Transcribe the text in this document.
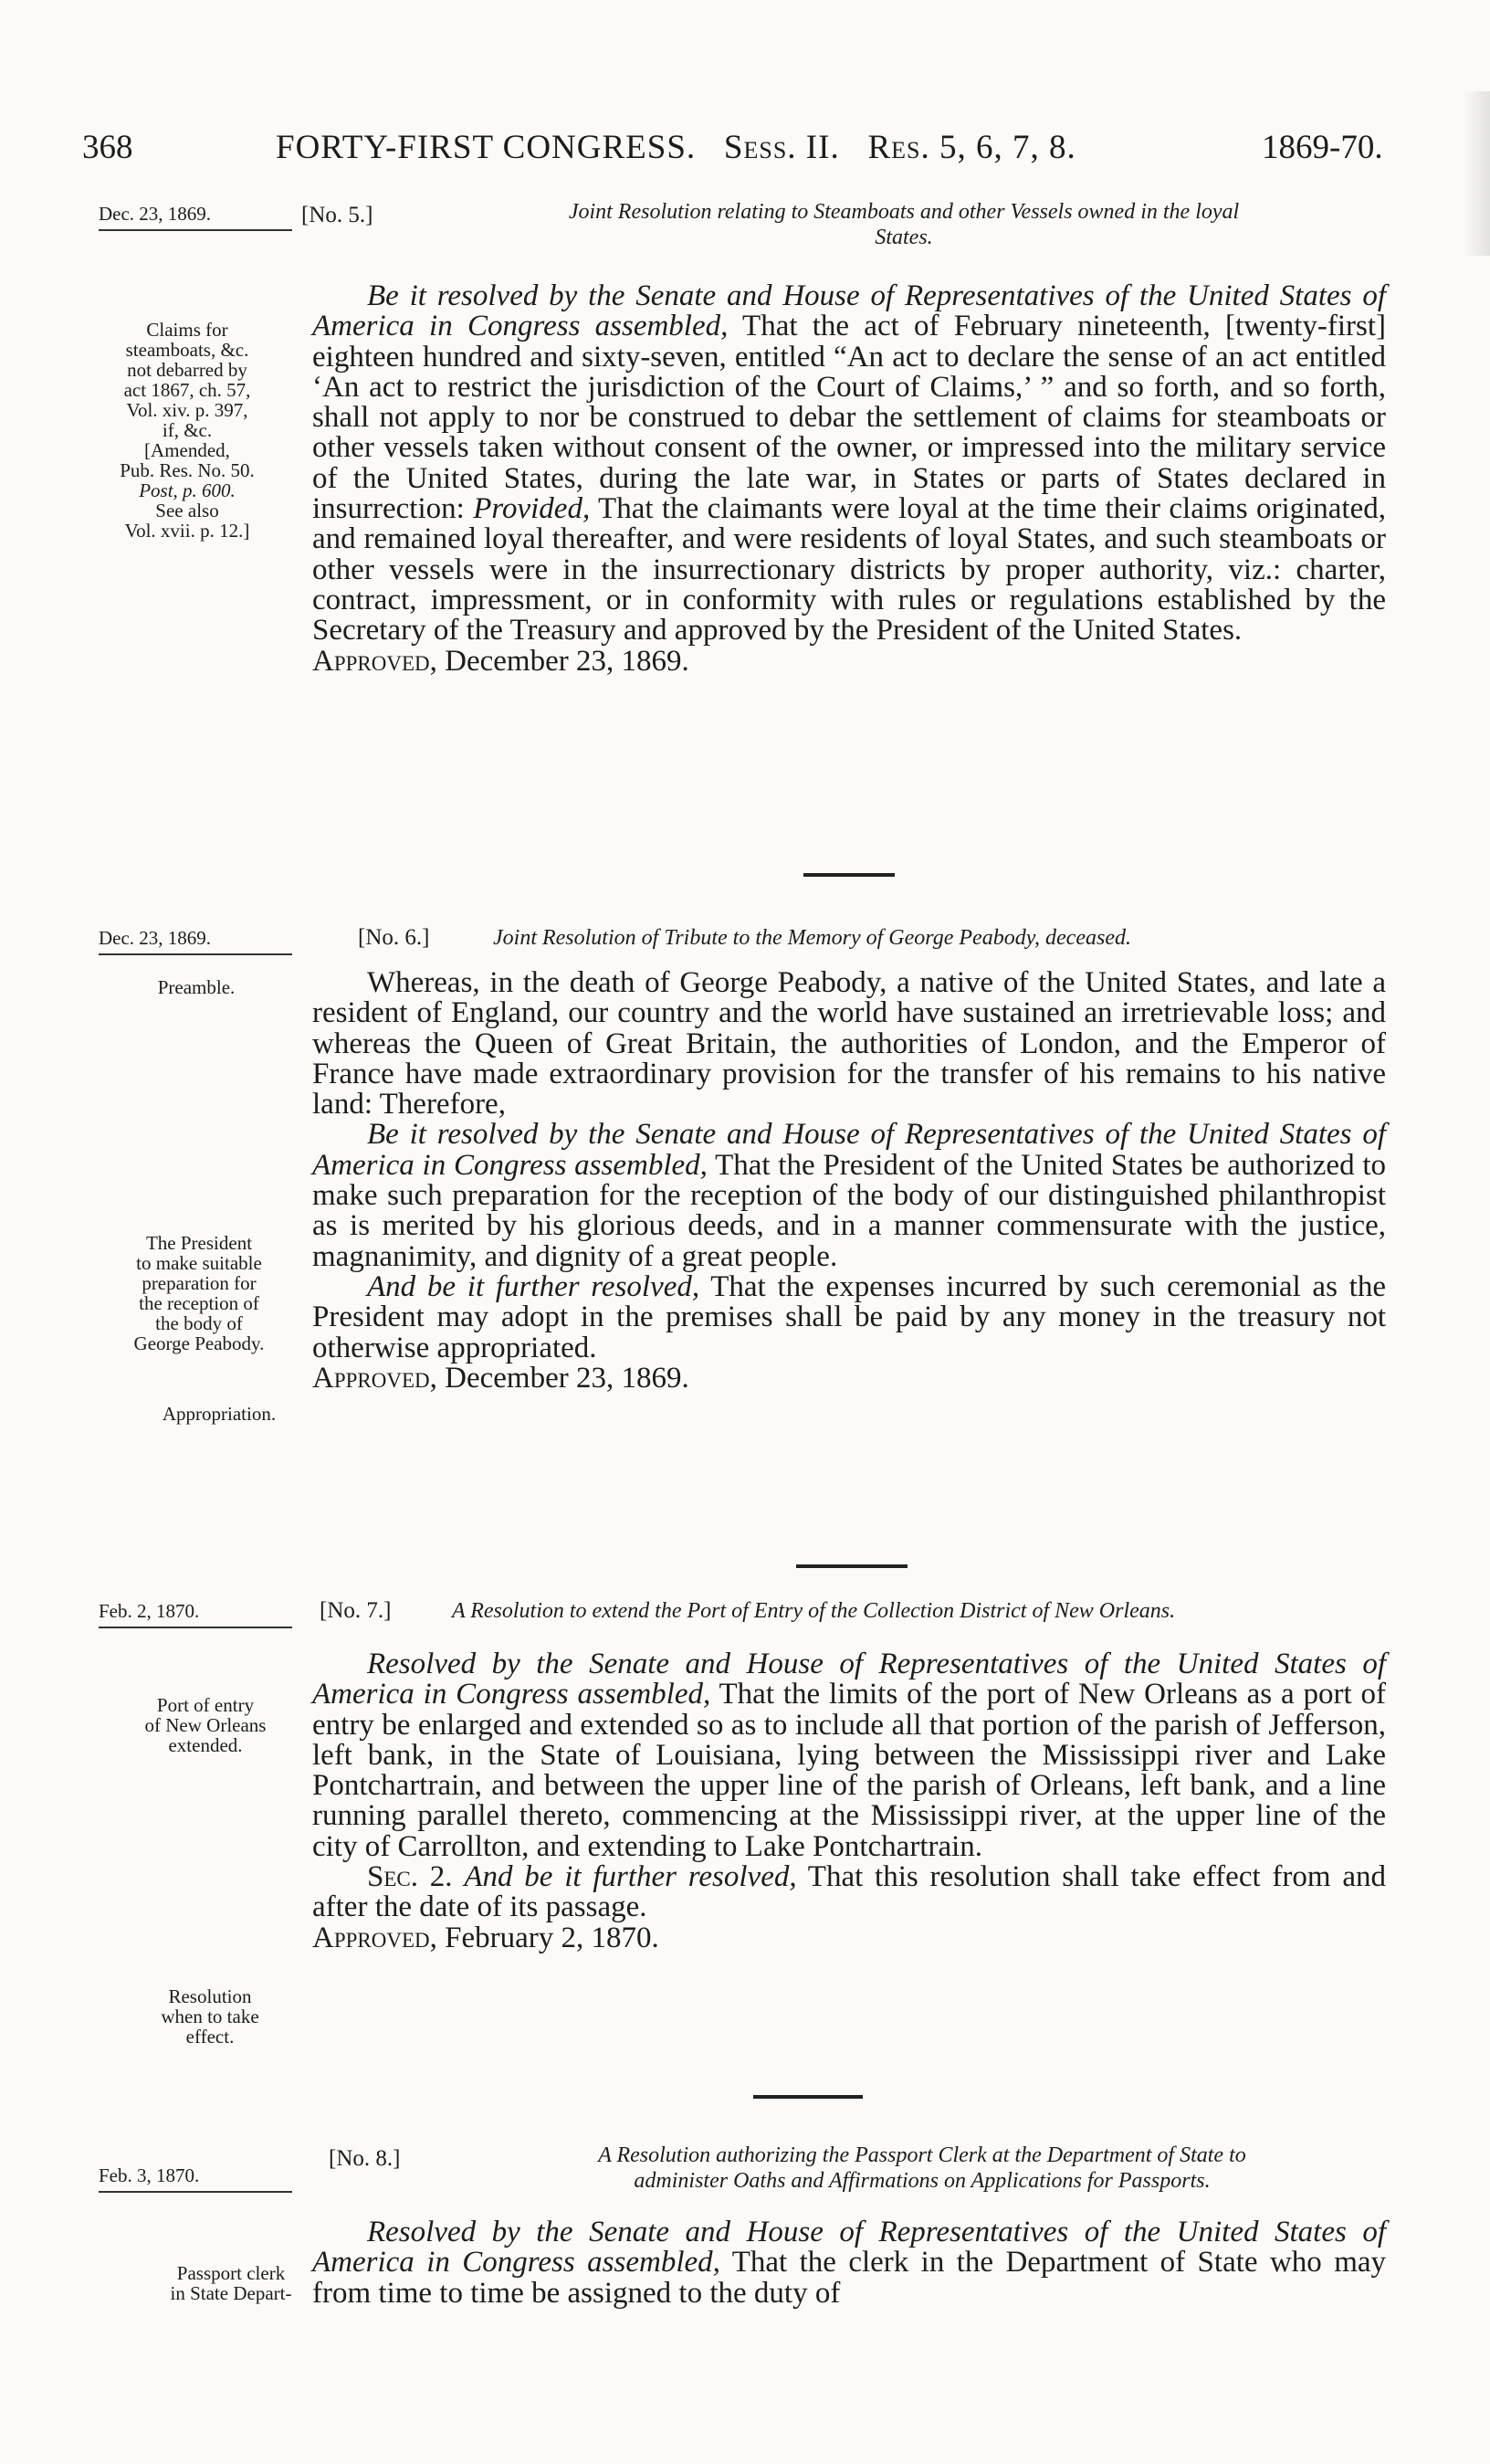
368	FORTY-FIRST CONGRESS. Sess. II. Res. 5, 6, 7, 8.	1869-70.
Dec. 23, 1869.	[No. 5.]	Joint Resolution relating to Steamboats and other Vessels owned in the loyal
States.
Claims for
steamboats, &c.
not debarred by
act 1867, ch. 57,
Vol. xiv. p. 397,
if, &c.
[Amended,
Pub. Res. No. 50.
Post, p. 600.
See also
Vol. xvii. p. 12.]

Be it resolved by the Senate and House of Representatives of the United States of America in Congress assembled, That the act of February nineteenth, [twenty-first] eighteen hundred and sixty-seven, entitled “An act to declare the sense of an act entitled ‘An act to restrict the jurisdiction of the Court of Claims,’ ” and so forth, and so forth, shall not apply to nor be construed to debar the settlement of claims for steamboats or other vessels taken without consent of the owner, or impressed into the military service of the United States, during the late war, in States or parts of States declared in insurrection: Provided, That the claimants were loyal at the time their claims originated, and remained loyal thereafter, and were residents of loyal States, and such steamboats or other vessels were in the insurrectionary districts by proper authority, viz.: charter, contract, impressment, or in conformity with rules or regulations established by the Secretary of the Treasury and approved by the President of the United States.

Approved, December 23, 1869.

Dec. 23, 1869.	[No. 6.]	Joint Resolution of Tribute to the Memory of George Peabody, deceased.
Preamble.
The President
to make suitable
preparation for
the reception of
the body of
George Peabody.
Appropriation.

Whereas, in the death of George Peabody, a native of the United States, and late a resident of England, our country and the world have sustained an irretrievable loss; and whereas the Queen of Great Britain, the authorities of London, and the Emperor of France have made extraordinary provision for the transfer of his remains to his native land: Therefore,

Be it resolved by the Senate and House of Representatives of the United States of America in Congress assembled, That the President of the United States be authorized to make such preparation for the reception of the body of our distinguished philanthropist as is merited by his glorious deeds, and in a manner commensurate with the justice, magnanimity, and dignity of a great people.

And be it further resolved, That the expenses incurred by such ceremonial as the President may adopt in the premises shall be paid by any money in the treasury not otherwise appropriated.

Approved, December 23, 1869.

Feb. 2, 1870.	[No. 7.]	A Resolution to extend the Port of Entry of the Collection District of New Orleans.
Port of entry
of New Orleans
extended.
Resolution
when to take
effect.

Resolved by the Senate and House of Representatives of the United States of America in Congress assembled, That the limits of the port of New Orleans as a port of entry be enlarged and extended so as to include all that portion of the parish of Jefferson, left bank, in the State of Louisiana, lying between the Mississippi river and Lake Pontchartrain, and between the upper line of the parish of Orleans, left bank, and a line running parallel thereto, commencing at the Mississippi river, at the upper line of the city of Carrollton, and extending to Lake Pontchartrain.

Sec. 2. And be it further resolved, That this resolution shall take effect from and after the date of its passage.

Approved, February 2, 1870.

Feb. 3, 1870.
[No. 8.]	A Resolution authorizing the Passport Clerk at the Department of State to
administer Oaths and Affirmations on Applications for Passports.
Passport clerk
in State Depart-

Resolved by the Senate and House of Representatives of the United States of America in Congress assembled, That the clerk in the Department of State who may from time to time be assigned to the duty of
